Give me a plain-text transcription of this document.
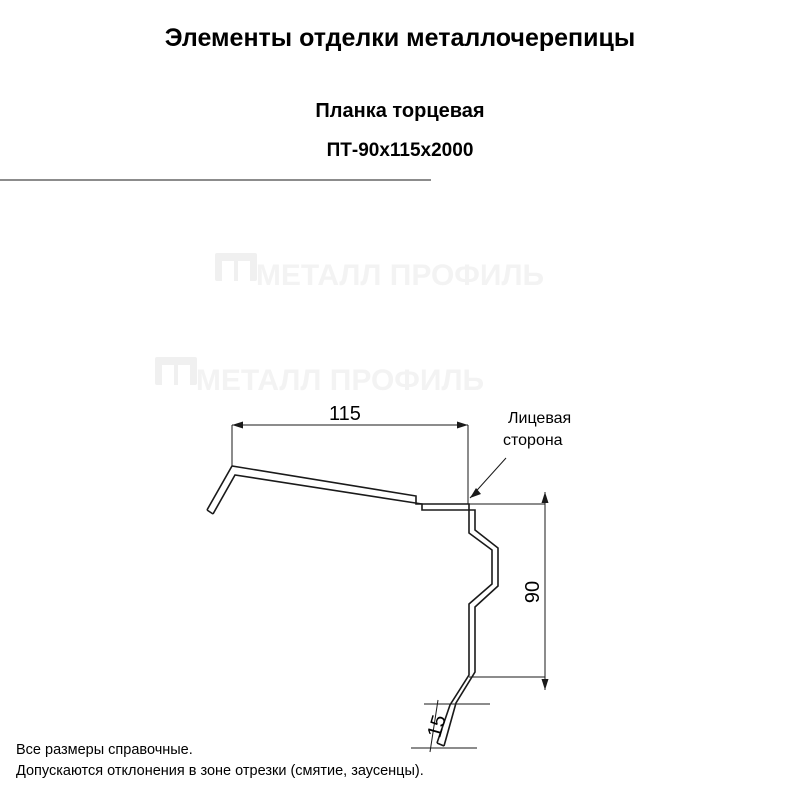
Элементы отделки металлочерепицы
Планка торцевая
ПТ-90х115х2000
МЕТАЛЛ ПРОФИЛЬ
МЕТАЛЛ ПРОФИЛЬ
115
90
15
Лицевая
сторона
Все размеры справочные.
Допускаются отклонения в зоне отрезки (смятие, заусенцы).
